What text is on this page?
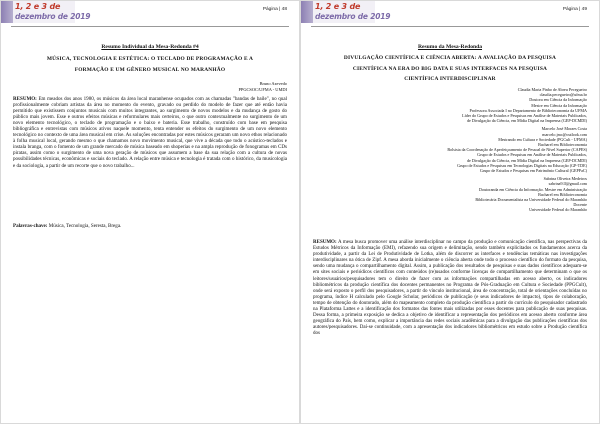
1, 2 e 3 de
dezembro de 2019
Página | 48
Resumo Individual da Mesa-Redonda #4
MÚSICA, TECNOLOGIA E ESTÉTICA: O TECLADO DE PROGRAMAÇÃO E A
FORMAÇÃO E UM GÊNERO MUSICAL NO MARANHÃO

Bruno Azevedo

PPGCSOC/UFMA - UMDI

RESUMO: Em meados dos anos 1980, os músicos da área local maranhense ocupados com as chamadas "bandas de baile", no qual profissionalmente cobriam artistas da área no momento do evento, gravado ou perdido do modelo de fazer que até então havia permitido que existissem conjuntos musicais com muitos integrantes, ao surgimento de novos modelos e da mudança de gosto do público mais jovem. Esse e outros efeitos músicas e reformulares mais certeiros, o que outro contextualmente no surgimento de um novo elemento tecnológico, o teclado de programação e o baixo e bateria. Esse trabalho, construído com base em pesquisa bibliográfica e entrevistas com músicos ativos naquele momento, tenta entender os efeitos do surgimento de um novo elemento tecnológico no contexto de uma área musical em crise. As soluções encontradas por estes músicos geraram um novo ethos relacionado à folha musical local, gerando mesmo o que chamamos novo movimento musical, que vive a década que todo o acústico-teclados e instala branga, com o fomento de um grande mercado de música baseado em shoperias e na ampla reprodução de fonogramas em CDs piratas, assim como o surgimento de uma nova geração de músicos que assumem a base da sua relação com a cultura de novas possibilidades técnicas, econômicas e sociais do teclado. A relação entre música e tecnologia é tratada com o histórico, da musicologia e da sociologia, a partir de um recorte que o novo trabalho...
Palavras-chave: Música, Tecnologia, Seresta, Brega.
1, 2 e 3 de
dezembro de 2019
Página | 49
Resumo da Mesa-Redonda
DIVULGAÇÃO CIENTÍFICA E CIÊNCIA ABERTA: A AVALIAÇÃO DA PESQUISA
CIENTÍFICA NA ERA DO BIG DATA E SUAS INTERFACES NA PESQUISA
CIENTÍFICA INTERDISCIPLINAR

Claudia Maria Pinho de Abreu Pecegueiro

claudia.pecegueiro@ufma.br

Doutora em Ciência da Informação

Mestre em Ciência da Informação

Professora Associada I no Departamento de Biblioteconomia da UFMA

Líder do Grupo de Estudos e Pesquisas em Análise de Materiais Publicados,

de Divulgação da Ciência, em Mídia Digital na Imprensa (GEP-DCMDI)

Marcelo José Moraes Costa

marcelo.jmc@outlook.com

Mestrando em Cultura e Sociedade (PGCult - UFMA)

Bacharel em Biblioteconomia

Bolsista da Coordenação de Aperfeiçoamento de Pessoal de Nível Superior (CAPES)

Grupo de Estudos e Pesquisas em Análise de Materiais Publicados,

de Divulgação da Ciência, em Mídia Digital na Imprensa (GEP-DCMDI)

Grupo de Estudos e Pesquisas em Tecnologias Digitais na Educação (GP-TDE)

Grupo de Estudos e Pesquisas em Patrimônio Cultural (GEPPaC)

Sabrina Oliveira Medeiros

sabrina9.ll@gmail.com

Doutoranda em Ciência da Informação. Mestre em Administração

Bacharel em Biblioteconomia

Bibliotecária Documentalista na Universidade Federal do Maranhão

Docente

Universidade Federal do Maranhão

RESUMO: A mesa busca promover uma análise interdisciplinar no campo da produção e comunicação científica, nas perspectivas da Estudos Métricos da Informação (EMI), refazendo sua origem e delimitação, sendo também explicitados os fundamentos acerca da produtividade, a partir da Lei de Produtividade de Lotka, além de discorrer as interfaces e tendências temáticas nas investigações interdisciplinares na ótica de Zipf. A mesa aborda inicialmente o ciência aberta onde todo o processo científico do formato da pesquisa, sendo uma mudança o compartilhamento digital. Assim, a publicação dos resultados de pesquisas e suas dados científicos adequam-se em sites sociais e periódicos científicos com conteúdos (re)usados conforme licenças de compartilhamento que determinam o que os leitores/usuários/pesquisadores tem o direito de fazer com as informações compartilhadas em acesso aberto, os indicadores bibliométricos da produção científica dos docentes permanentes no Programa de Pós-Graduação em Cultura e Sociedade (PPGCult), onde será exposto o perfil dos pesquisadores, a partir do vínculo institucional, área de concentração, total de orientações concluídas no programa, índice H calculado pelo Google Scholar, periódicos de publicação (e seus indicadores de impacto), tipos de colaboração, tempo de obtenção do doutorado, além do mapeamento completo da produção científica a partir do currículo do pesquisador cadastrado na Plataforma Lattes e a identificação dos formatos das fontes mais utilizadas por esses docentes para publicação de suas pesquisas. Dessa forma, a primeira exposição se dedica a objetivo de identificar a representação dos periódicos em acesso aberto conforme área geográfica do País, bem como, explicar a importância das redes sociais acadêmicas para a divulgação das publicações científicas dos autores/pesquisadores. Daí-se continuidade, com a apresentação dos indicadores bibliométricos em estudo sobre a Produção científica dos
